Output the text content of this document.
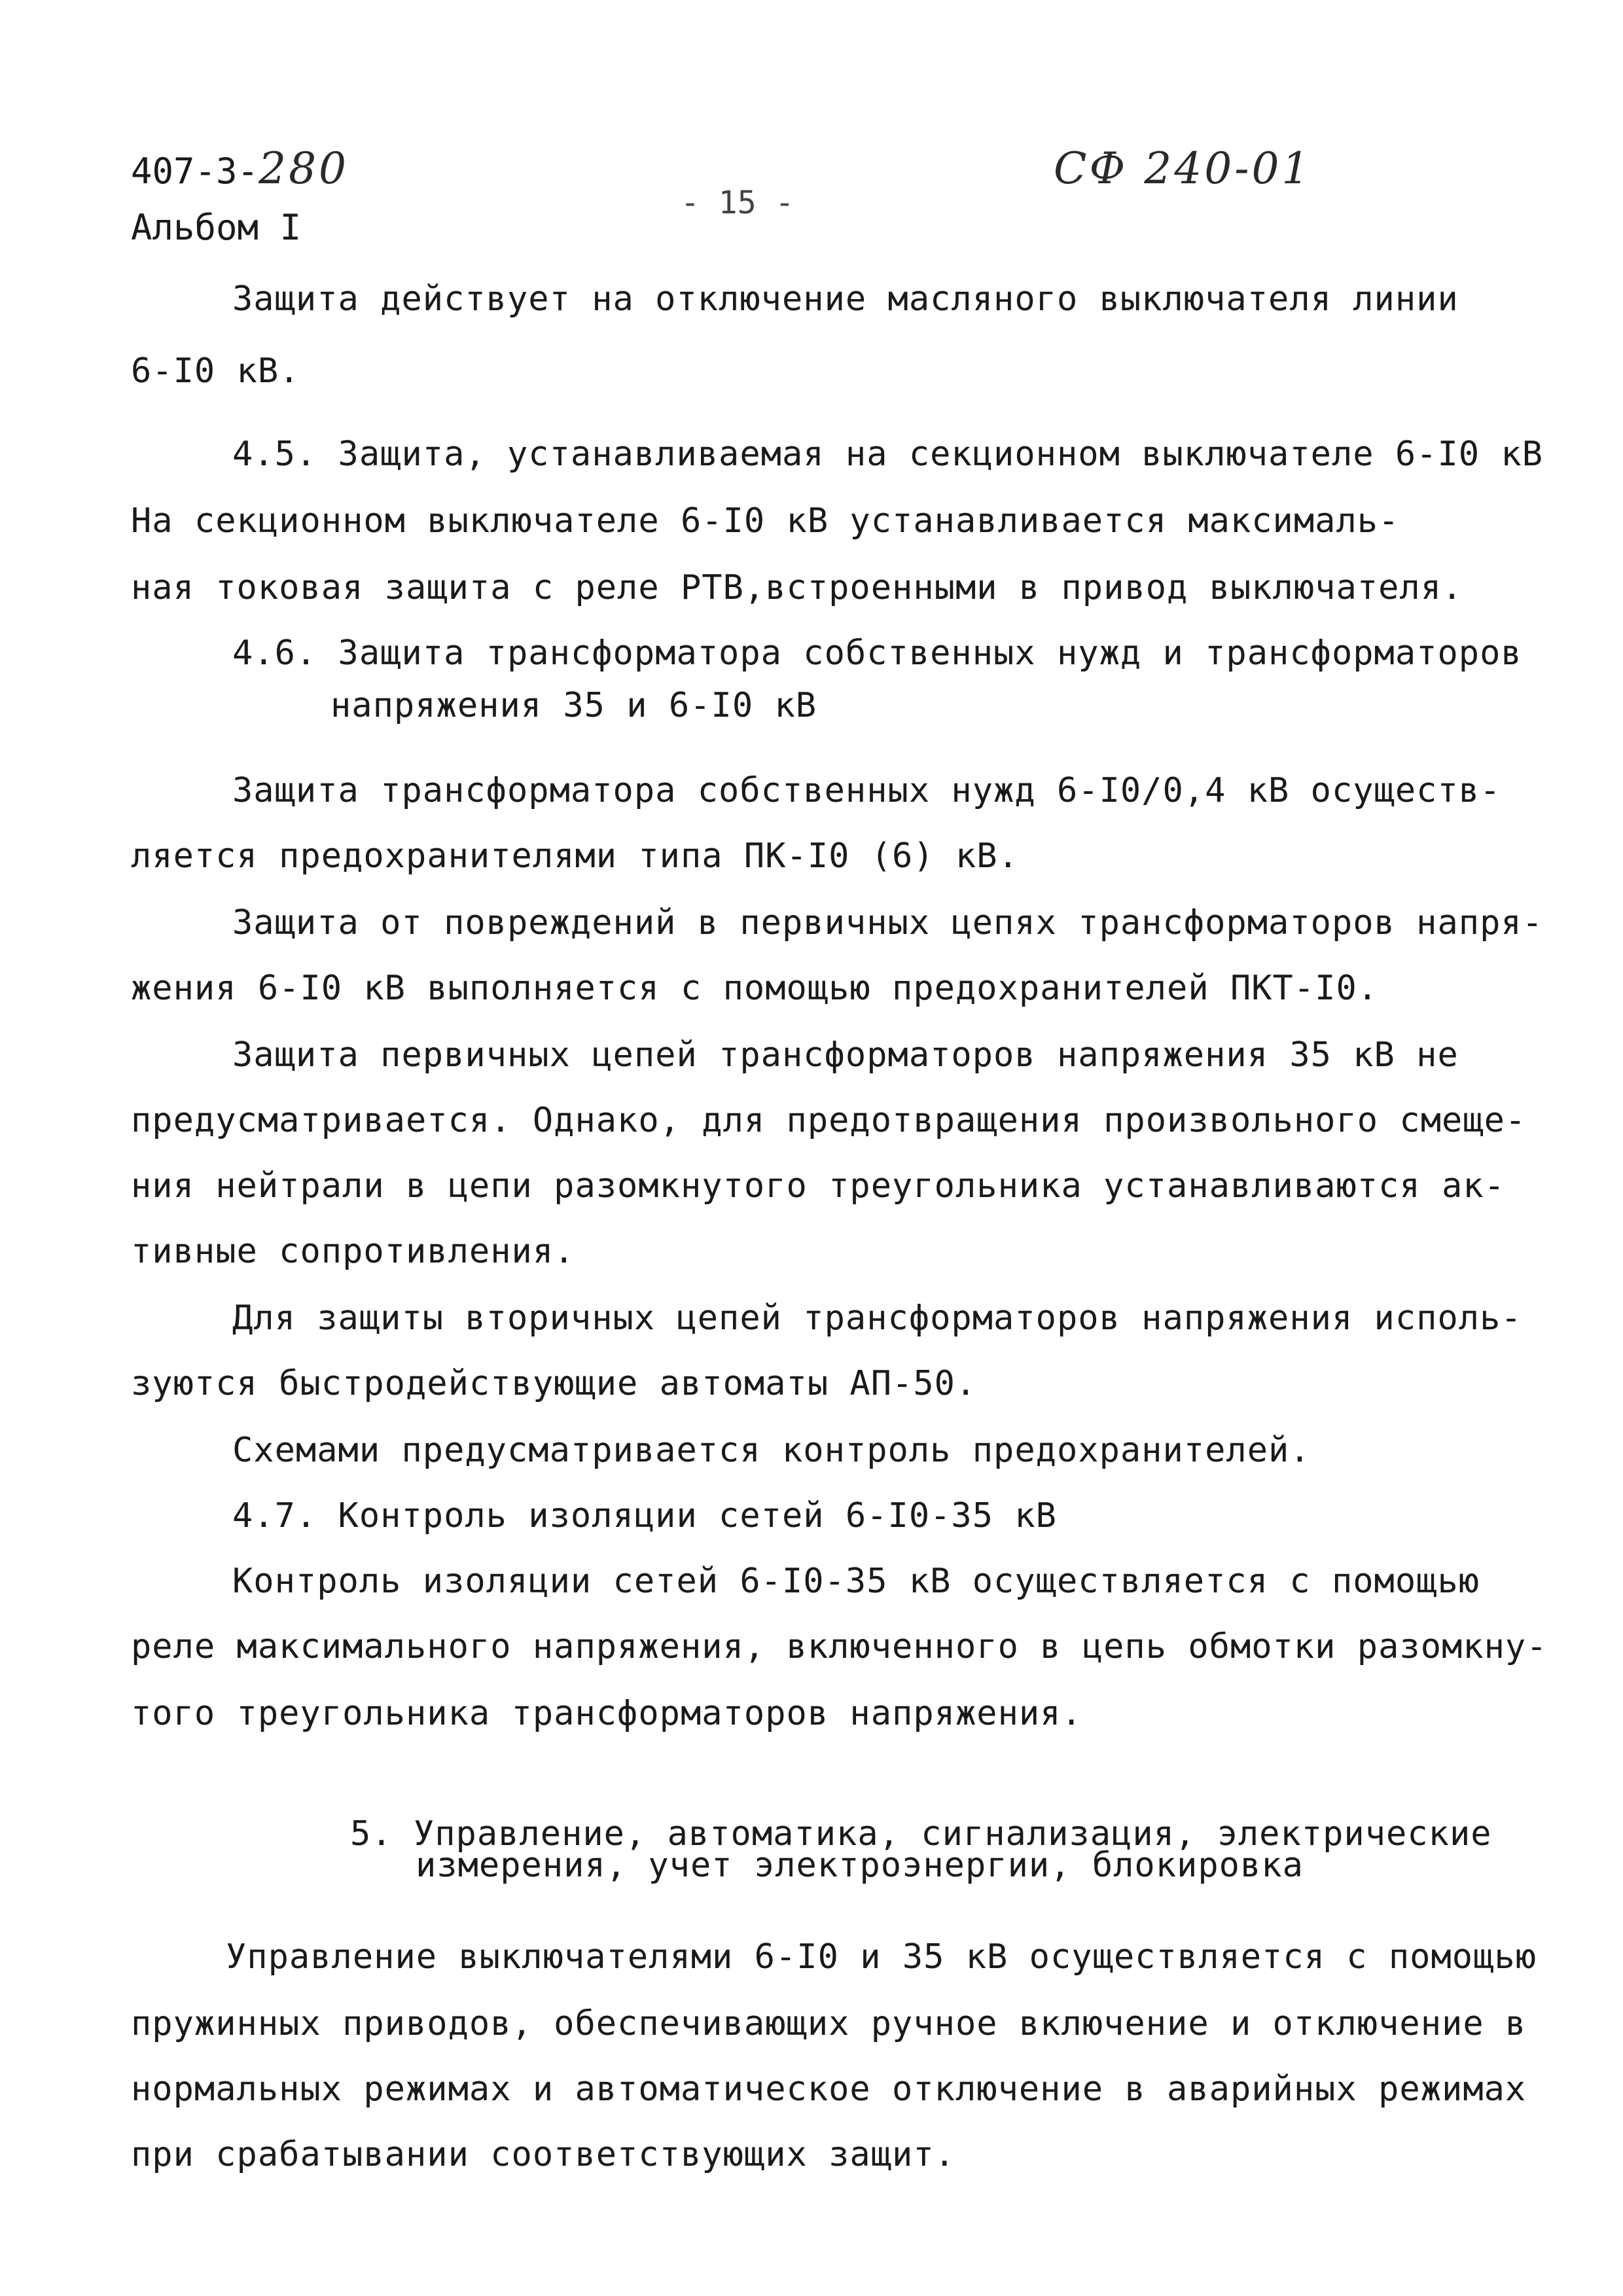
407-3-280
Альбом I
- 15 -
СФ 240-01
Защита действует на отключение масляного выключателя линии
6-I0 кВ.
4.5. Защита, устанавливаемая на секционном выключателе 6-I0 кВ
На секционном выключателе 6-I0 кВ устанавливается максималь-
ная токовая защита с реле РТВ,встроенными в привод выключателя.
4.6. Защита трансформатора собственных нужд и трансформаторов
напряжения 35 и 6-I0 кВ
Защита трансформатора собственных нужд 6-I0/0,4 кВ осуществ-
ляется предохранителями типа ПК-I0 (6) кВ.
Защита от повреждений в первичных цепях трансформаторов напря-
жения 6-I0 кВ выполняется с помощью предохранителей ПКТ-I0.
Защита первичных цепей трансформаторов напряжения 35 кВ не
предусматривается. Однако, для предотвращения произвольного смеще-
ния нейтрали в цепи разомкнутого треугольника устанавливаются ак-
тивные сопротивления.
Для защиты вторичных цепей трансформаторов напряжения исполь-
зуются быстродействующие автоматы АП-50.
Схемами предусматривается контроль предохранителей.
4.7. Контроль изоляции сетей 6-I0-35 кВ
Контроль изоляции сетей 6-I0-35 кВ осуществляется с помощью
реле максимального напряжения, включенного в цепь обмотки разомкну-
того треугольника трансформаторов напряжения.
5. Управление, автоматика, сигнализация, электрические
измерения, учет электроэнергии, блокировка
Управление выключателями 6-I0 и 35 кВ осуществляется с помощью
пружинных приводов, обеспечивающих ручное включение и отключение в
нормальных режимах и автоматическое отключение в аварийных режимах
при срабатывании соответствующих защит.
